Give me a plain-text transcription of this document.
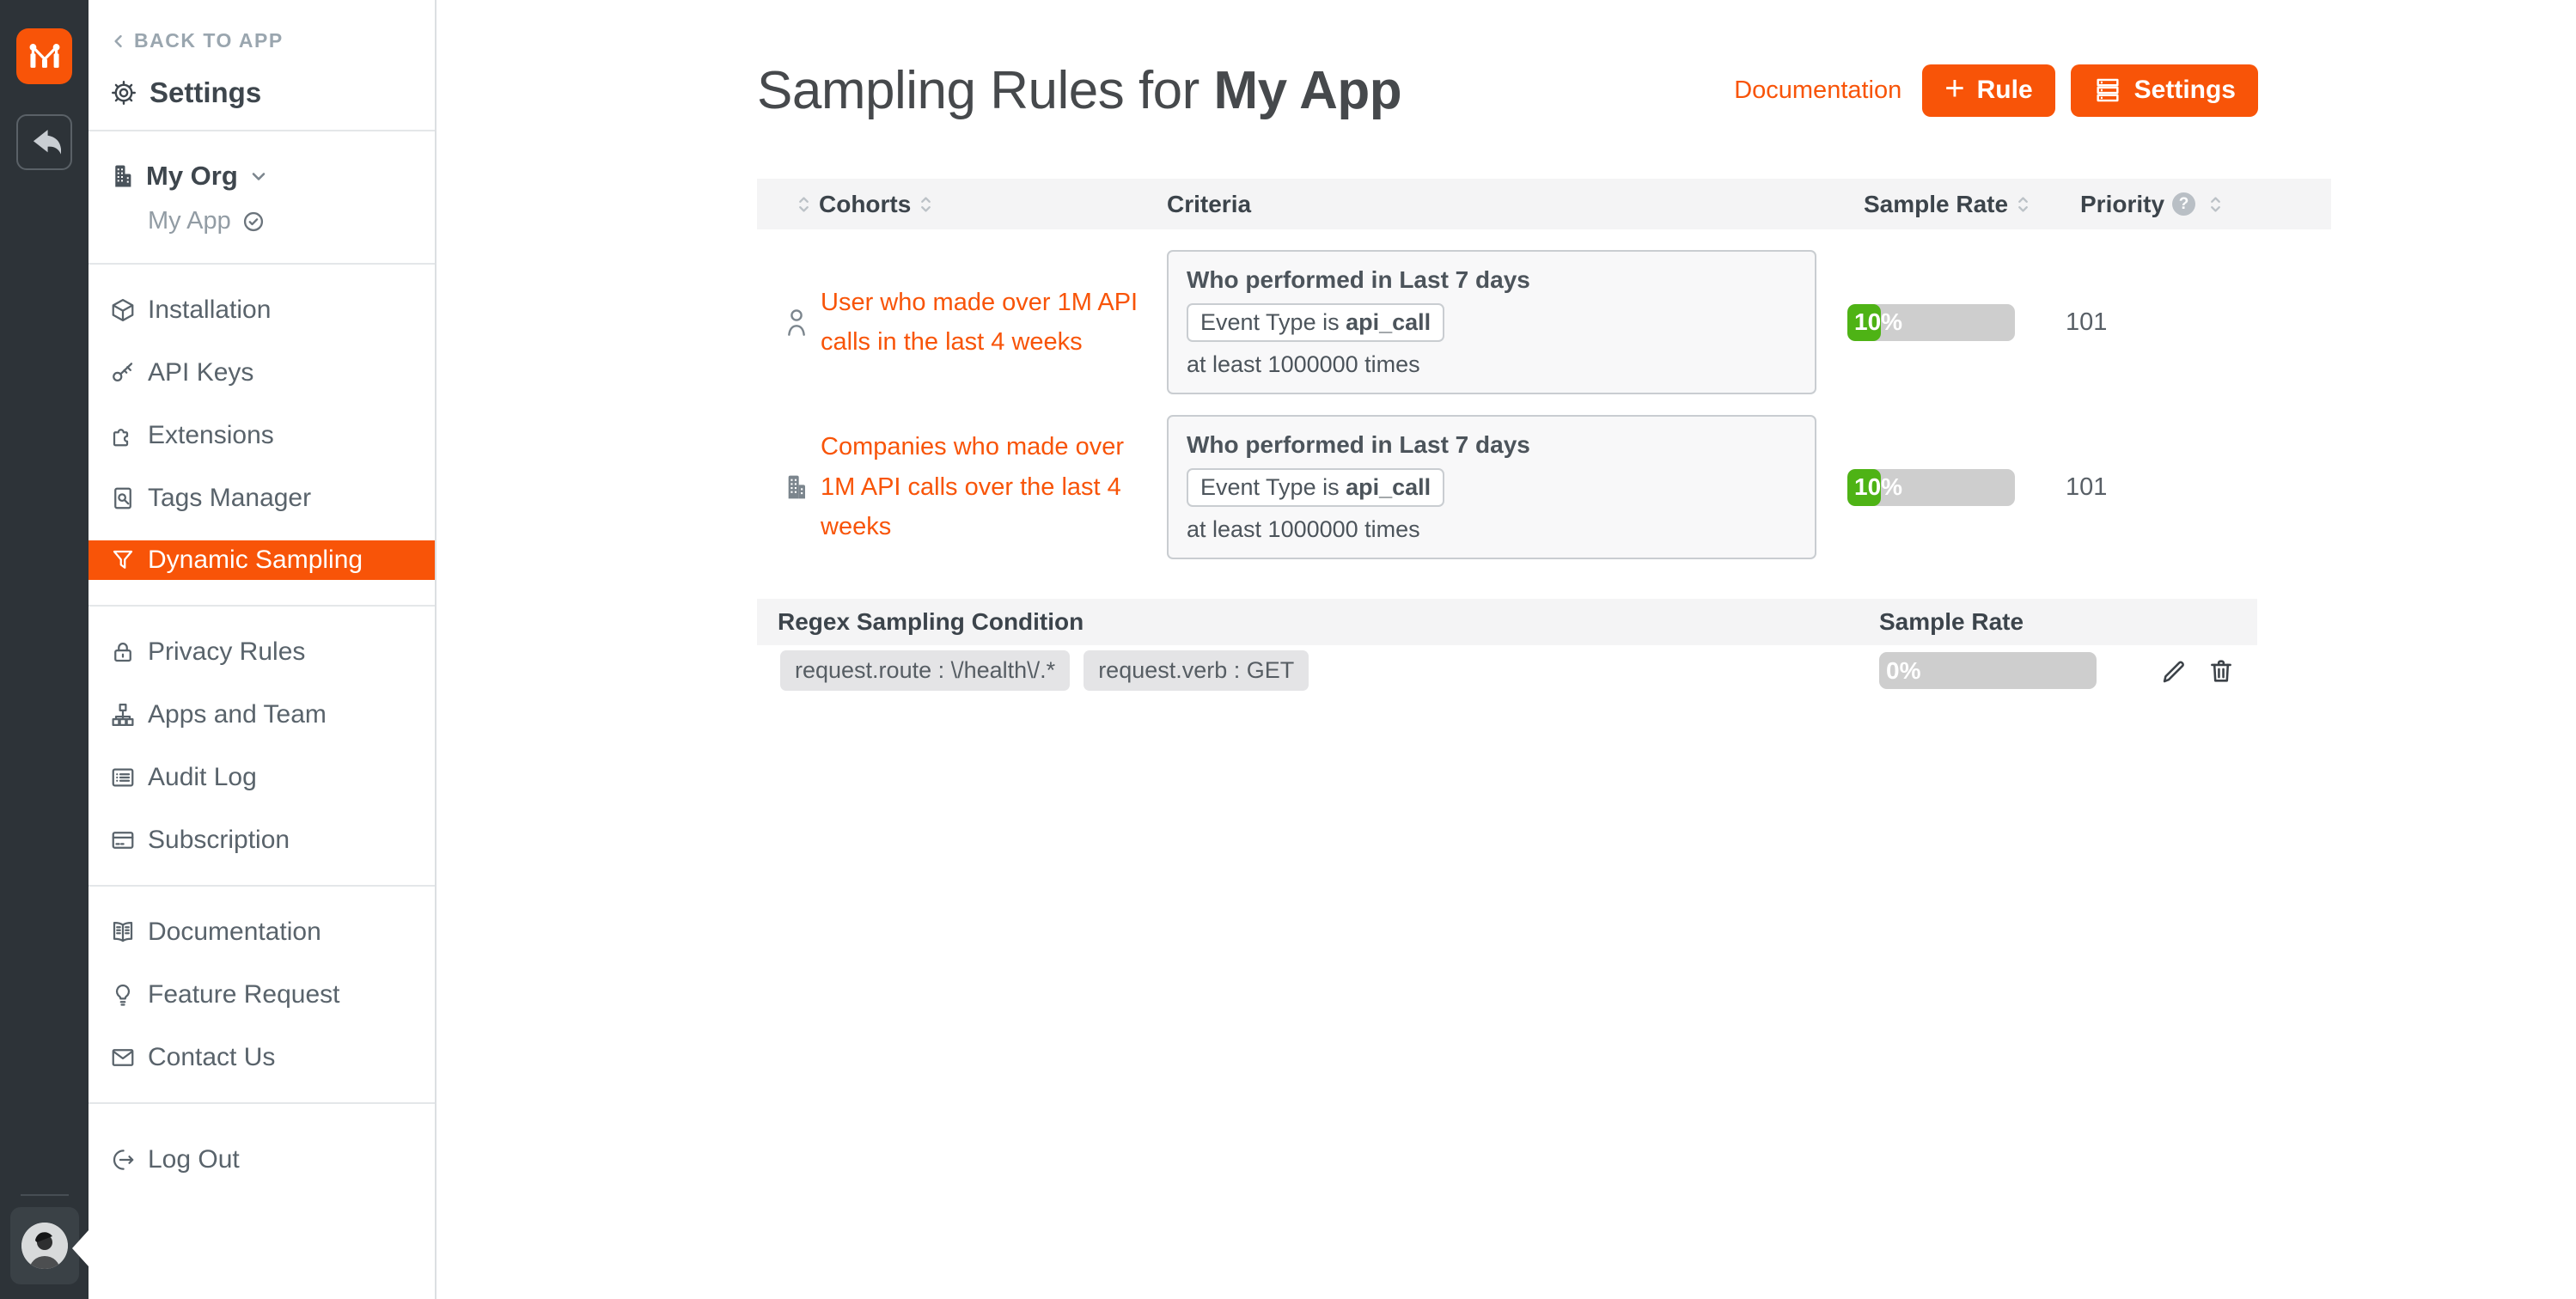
BACK TO APP
Settings
My Org
My App
Installation
API Keys
Extensions
Tags Manager
Dynamic Sampling
Privacy Rules
Apps and Team
Audit Log
Subscription
Documentation
Feature Request
Contact Us
Log Out
Sampling Rules for My App	Documentation + Rule	Settings
Cohorts	Criteria	Sample Rate	Priority ?
User who made over 1M API calls in the last 4 weeks
Who performed in Last 7 days
Event Type is api_call
at least 1000000 times
10%	101
Companies who made over 1M API calls over the last 4 weeks
Who performed in Last 7 days
Event Type is api_call
at least 1000000 times
10%	101
Regex Sampling Condition	Sample Rate
request.route : \/health\/.*	request.verb : GET	0%
